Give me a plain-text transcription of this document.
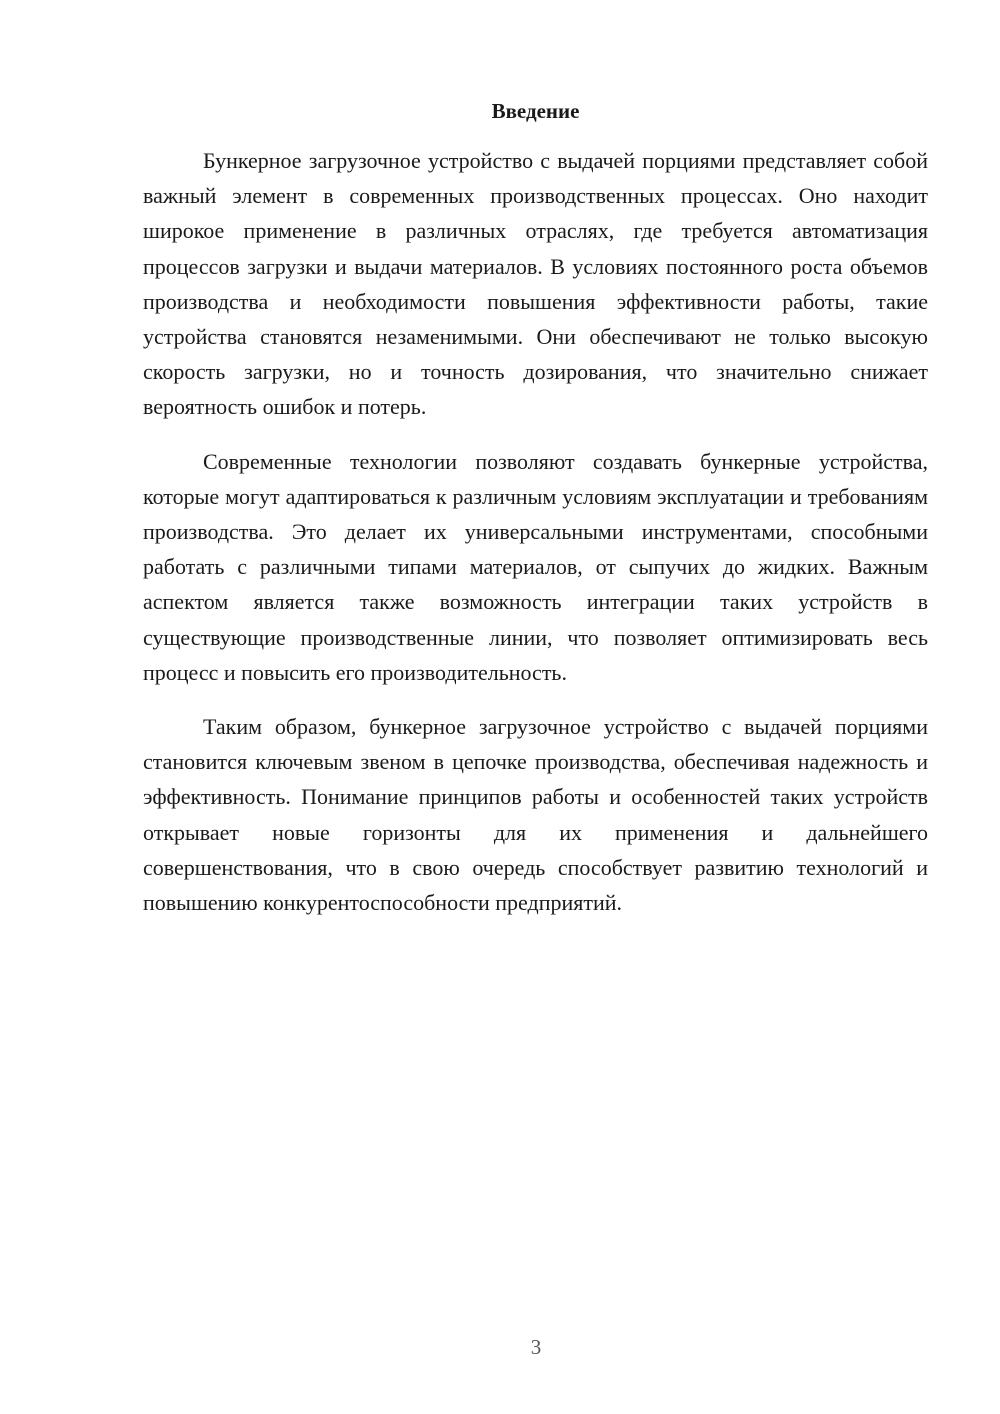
Введение

Бункерное загрузочное устройство с выдачей порциями представляет собой важный элемент в современных производственных процессах. Оно находит широкое применение в различных отраслях, где требуется автоматизация процессов загрузки и выдачи материалов. В условиях постоянного роста объемов производства и необходимости повышения эффективности работы, такие устройства становятся незаменимыми. Они обеспечивают не только высокую скорость загрузки, но и точность дозирования, что значительно снижает вероятность ошибок и потерь.

Современные технологии позволяют создавать бункерные устройства, которые могут адаптироваться к различным условиям эксплуатации и требованиям производства. Это делает их универсальными инструментами, способными работать с различными типами материалов, от сыпучих до жидких. Важным аспектом является также возможность интеграции таких устройств в существующие производственные линии, что позволяет оптимизировать весь процесс и повысить его производительность.

Таким образом, бункерное загрузочное устройство с выдачей порциями становится ключевым звеном в цепочке производства, обеспечивая надежность и эффективность. Понимание принципов работы и особенностей таких устройств открывает новые горизонты для их применения и дальнейшего совершенствования, что в свою очередь способствует развитию технологий и повышению конкурентоспособности предприятий.

3
